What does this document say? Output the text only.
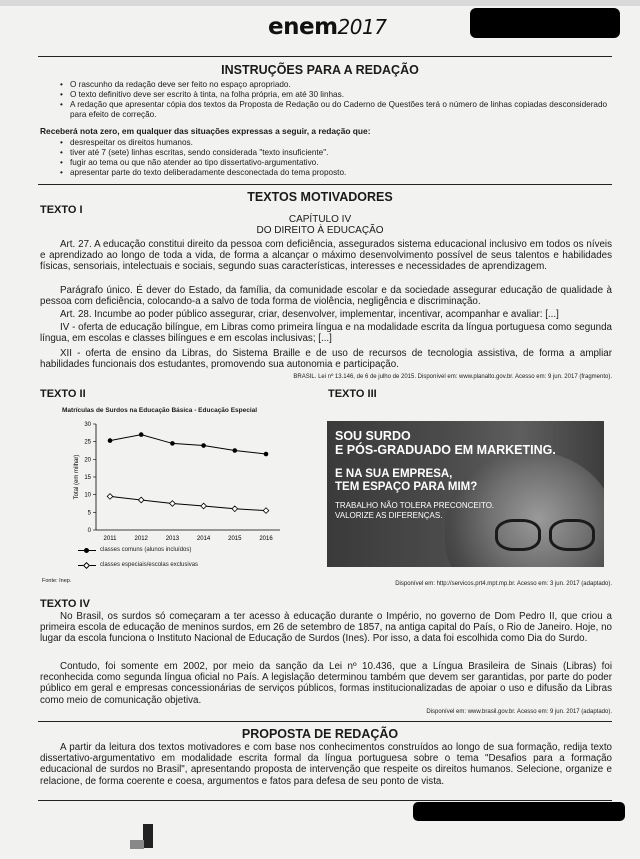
enem2017
INSTRUÇÕES PARA A REDAÇÃO
• O rascunho da redação deve ser feito no espaço apropriado.
• O texto definitivo deve ser escrito à tinta, na folha própria, em até 30 linhas.
• A redação que apresentar cópia dos textos da Proposta de Redação ou do Caderno de Questões terá o número de linhas copiadas desconsiderado para efeito de correção.
Receberá nota zero, em qualquer das situações expressas a seguir, a redação que:
• desrespeitar os direitos humanos.
• tiver até 7 (sete) linhas escritas, sendo considerada "texto insuficiente".
• fugir ao tema ou que não atender ao tipo dissertativo-argumentativo.
• apresentar parte do texto deliberadamente desconectada do tema proposto.
TEXTOS MOTIVADORES
TEXTO I
CAPÍTULO IV
DO DIREITO À EDUCAÇÃO
Art. 27. A educação constitui direito da pessoa com deficiência, assegurados sistema educacional inclusivo em todos os níveis e aprendizado ao longo de toda a vida, de forma a alcançar o máximo desenvolvimento possível de seus talentos e habilidades físicas, sensoriais, intelectuais e sociais, segundo suas características, interesses e necessidades de aprendizagem.
Parágrafo único. É dever do Estado, da família, da comunidade escolar e da sociedade assegurar educação de qualidade à pessoa com deficiência, colocando-a a salvo de toda forma de violência, negligência e discriminação.
Art. 28. Incumbe ao poder público assegurar, criar, desenvolver, implementar, incentivar, acompanhar e avaliar: [...]
IV - oferta de educação bilíngue, em Libras como primeira língua e na modalidade escrita da língua portuguesa como segunda língua, em escolas e classes bilíngues e em escolas inclusivas; [...]
XII - oferta de ensino da Libras, do Sistema Braille e de uso de recursos de tecnologia assistiva, de forma a ampliar habilidades funcionais dos estudantes, promovendo sua autonomia e participação.
BRASIL. Lei nº 13.146, de 6 de julho de 2015. Disponível em: www.planalto.gov.br. Acesso em: 9 jun. 2017 (fragmento).
TEXTO II	TEXTO III
Matrículas de Surdos na Educação Básica - Educação Especial
0
5
10
15
20
25
30
2011	2012	2013	2014	2015	2016
Total (em milhar)
classes comuns (alunos incluídos)
classes especiais/escolas exclusivas
Fonte: Inep.
SOU SURDO
E PÓS-GRADUADO EM MARKETING.
E NA SUA EMPRESA,
TEM ESPAÇO PARA MIM?
TRABALHO NÃO TOLERA PRECONCEITO.
VALORIZE AS DIFERENÇAS.
Disponível em: http://servicos.prt4.mpt.mp.br. Acesso em: 3 jun. 2017 (adaptado).
TEXTO IV
No Brasil, os surdos só começaram a ter acesso à educação durante o Império, no governo de Dom Pedro II, que criou a primeira escola de educação de meninos surdos, em 26 de setembro de 1857, na antiga capital do País, o Rio de Janeiro. Hoje, no lugar da escola funciona o Instituto Nacional de Educação de Surdos (Ines). Por isso, a data foi escolhida como Dia do Surdo.
Contudo, foi somente em 2002, por meio da sanção da Lei nº 10.436, que a Língua Brasileira de Sinais (Libras) foi reconhecida como segunda língua oficial no País. A legislação determinou também que devem ser garantidas, por parte do poder público em geral e empresas concessionárias de serviços públicos, formas institucionalizadas de apoiar o uso e difusão da Libras como meio de comunicação objetiva.
Disponível em: www.brasil.gov.br. Acesso em: 9 jun. 2017 (adaptado).
PROPOSTA DE REDAÇÃO
A partir da leitura dos textos motivadores e com base nos conhecimentos construídos ao longo de sua formação, redija texto dissertativo-argumentativo em modalidade escrita formal da língua portuguesa sobre o tema "Desafios para a formação educacional de surdos no Brasil", apresentando proposta de intervenção que respeite os direitos humanos. Selecione, organize e relacione, de forma coerente e coesa, argumentos e fatos para defesa de seu ponto de vista.
